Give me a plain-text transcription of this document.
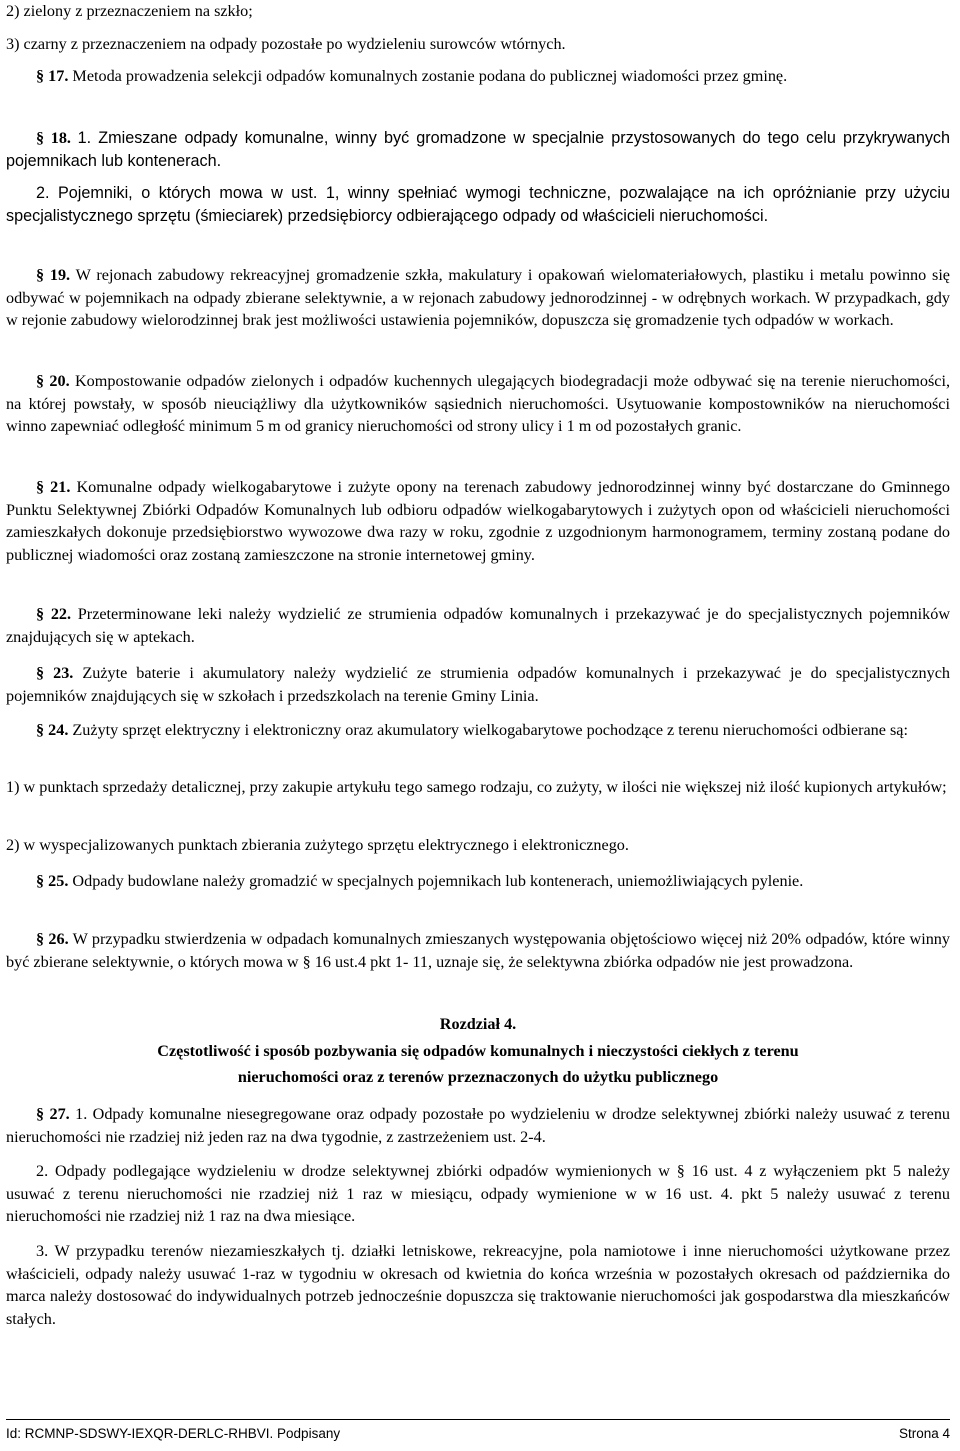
2) zielony z przeznaczeniem na szkło;

3) czarny z przeznaczeniem na odpady pozostałe po wydzieleniu surowców wtórnych.

§ 17. Metoda prowadzenia selekcji odpadów komunalnych zostanie podana do publicznej wiadomości przez gminę.

§ 18. 1. Zmieszane odpady komunalne, winny być gromadzone w specjalnie przystosowanych do tego celu przykrywanych pojemnikach lub kontenerach.

2. Pojemniki, o których mowa w ust. 1, winny spełniać wymogi techniczne, pozwalające na ich opróżnianie przy użyciu specjalistycznego sprzętu (śmieciarek) przedsiębiorcy odbierającego odpady od właścicieli nieruchomości.

§ 19. W rejonach zabudowy rekreacyjnej gromadzenie szkła, makulatury i opakowań wielomateriałowych, plastiku i metalu powinno się odbywać w pojemnikach na odpady zbierane selektywnie, a w rejonach zabudowy jednorodzinnej - w odrębnych workach. W przypadkach, gdy w rejonie zabudowy wielorodzinnej brak jest możliwości ustawienia pojemników, dopuszcza się gromadzenie tych odpadów w workach.

§ 20. Kompostowanie odpadów zielonych i odpadów kuchennych ulegających biodegradacji może odbywać się na terenie nieruchomości, na której powstały, w sposób nieuciążliwy dla użytkowników sąsiednich nieruchomości. Usytuowanie kompostowników na nieruchomości winno zapewniać odległość minimum 5 m od granicy nieruchomości od strony ulicy i 1 m od pozostałych granic.

§ 21. Komunalne odpady wielkogabarytowe i zużyte opony na terenach zabudowy jednorodzinnej winny być dostarczane do Gminnego Punktu Selektywnej Zbiórki Odpadów Komunalnych lub odbioru odpadów wielkogabarytowych i zużytych opon od właścicieli nieruchomości zamieszkałych dokonuje przedsiębiorstwo wywozowe dwa razy w roku, zgodnie z uzgodnionym harmonogramem, terminy zostaną podane do publicznej wiadomości oraz zostaną zamieszczone na stronie internetowej gminy.

§ 22. Przeterminowane leki należy wydzielić ze strumienia odpadów komunalnych i przekazywać je do specjalistycznych pojemników znajdujących się w aptekach.

§ 23. Zużyte baterie i akumulatory należy wydzielić ze strumienia odpadów komunalnych i przekazywać je do specjalistycznych pojemników znajdujących się w szkołach i przedszkolach na terenie Gminy Linia.

§ 24. Zużyty sprzęt elektryczny i elektroniczny oraz akumulatory wielkogabarytowe pochodzące z terenu nieruchomości odbierane są:

1) w punktach sprzedaży detalicznej, przy zakupie artykułu tego samego rodzaju, co zużyty, w ilości nie większej niż ilość kupionych artykułów;

2) w wyspecjalizowanych punktach zbierania zużytego sprzętu elektrycznego i elektronicznego.

§ 25. Odpady budowlane należy gromadzić w specjalnych pojemnikach lub kontenerach, uniemożliwiających pylenie.

§ 26. W przypadku stwierdzenia w odpadach komunalnych zmieszanych występowania objętościowo więcej niż 20% odpadów, które winny być zbierane selektywnie, o których mowa w § 16 ust.4 pkt 1- 11, uznaje się, że selektywna zbiórka odpadów nie jest prowadzona.

Rozdział 4.

Częstotliwość i sposób pozbywania się odpadów komunalnych i nieczystości ciekłych z terenu

nieruchomości oraz z terenów przeznaczonych do użytku publicznego

§ 27. 1. Odpady komunalne niesegregowane oraz odpady pozostałe po wydzieleniu w drodze selektywnej zbiórki należy usuwać z terenu nieruchomości nie rzadziej niż jeden raz na dwa tygodnie, z zastrzeżeniem ust. 2-4.

2. Odpady podlegające wydzieleniu w drodze selektywnej zbiórki odpadów wymienionych w § 16 ust. 4 z wyłączeniem pkt 5 należy usuwać z terenu nieruchomości nie rzadziej niż 1 raz w miesiącu, odpady wymienione w w 16 ust. 4. pkt 5 należy usuwać z terenu nieruchomości nie rzadziej niż 1 raz na dwa miesiące.

3. W przypadku terenów niezamieszkałych tj. działki letniskowe, rekreacyjne, pola namiotowe i inne nieruchomości użytkowane przez właścicieli, odpady należy usuwać 1-raz w tygodniu w okresach od kwietnia do końca września w pozostałych okresach od października do marca należy dostosować do indywidualnych potrzeb jednocześnie dopuszcza się traktowanie nieruchomości jak gospodarstwa dla mieszkańców stałych.

Id: RCMNP-SDSWY-IEXQR-DERLC-RHBVI. Podpisany	Strona 4
